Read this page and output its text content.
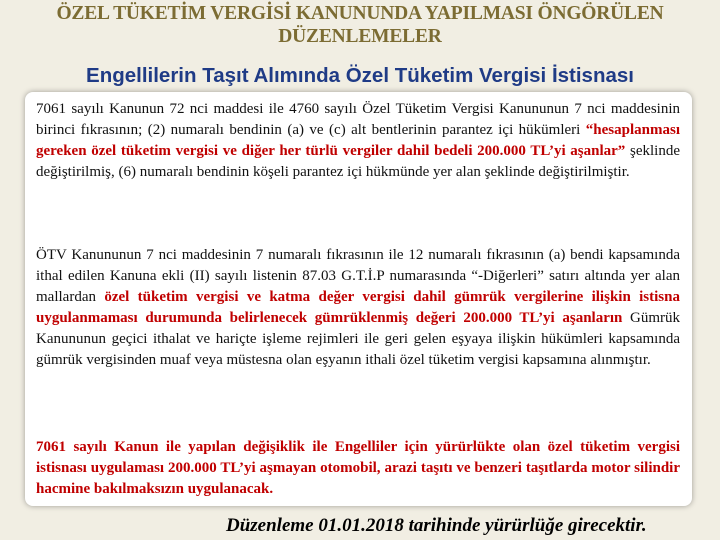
ÖZEL TÜKETİM VERGİSİ KANUNUNDA YAPILMASI ÖNGÖRÜLEN DÜZENLEMELER
Engellilerin Taşıt Alımında Özel Tüketim Vergisi İstisnası
7061 sayılı Kanunun 72 nci maddesi ile 4760 sayılı Özel Tüketim Vergisi Kanununun 7 nci maddesinin birinci fıkrasının; (2) numaralı bendinin (a) ve (c) alt bentlerinin parantez içi hükümleri “hesaplanması gereken özel tüketim vergisi ve diğer her türlü vergiler dahil bedeli 200.000 TL’yi aşanlar” şeklinde değiştirilmiş, (6) numaralı bendinin köşeli parantez içi hükmünde yer alan şeklinde değiştirilmiştir.
ÖTV Kanununun 7 nci maddesinin 7 numaralı fıkrasının ile 12 numaralı fıkrasının (a) bendi kapsamında ithal edilen Kanuna ekli (II) sayılı listenin 87.03 G.T.İ.P numarasında “-Diğerleri” satırı altında yer alan mallardan özel tüketim vergisi ve katma değer vergisi dahil gümrük vergilerine ilişkin istisna uygulanmaması durumunda belirlenecek gümrüklenmiş değeri 200.000 TL’yi aşanların Gümrük Kanununun geçici ithalat ve hariçte işleme rejimleri ile geri gelen eşyaya ilişkin hükümleri kapsamında gümrük vergisinden muaf veya müstesna olan eşyanın ithali özel tüketim vergisi kapsamına alınmıştır.
7061 sayılı Kanun ile yapılan değişiklik ile Engelliler için yürürlükte olan özel tüketim vergisi istisnası uygulaması 200.000 TL’yi aşmayan otomobil, arazi taşıtı ve benzeri taşıtlarda motor silindir hacmine bakılmaksızın uygulanacak.
Düzenleme 01.01.2018 tarihinde yürürlüğe girecektir.
